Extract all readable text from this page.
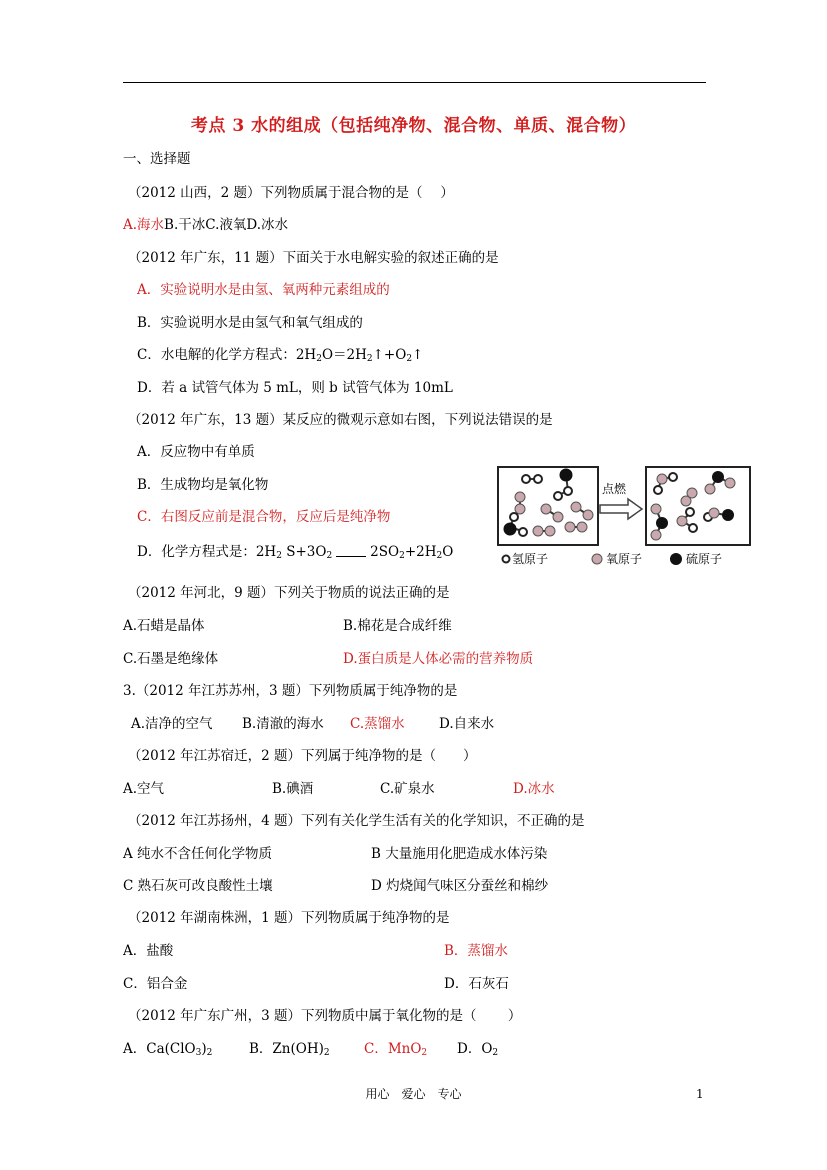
考点 3 水的组成（包括纯净物、混合物、单质、混合物）
一、选择题
（2012 山西，2 题）下列物质属于混合物的是（　 ）
A.海水B.干冰C.液氧D.冰水
（2012 年广东，11 题）下面关于水电解实验的叙述正确的是
A．实验说明水是由氢、氧两种元素组成的
B．实验说明水是由氢气和氧气组成的
C．水电解的化学方程式：$2H_2O=2H_2↑+O_2↑$
D．若 a 试管气体为 5 mL，则 b 试管气体为 10mL
（2012 年广东，13 题）某反应的微观示意如右图，下列说法错误的是
A．反应物中有单质
B．生成物均是氧化物
C．右图反应前是混合物，反应后是纯净物
D．化学方程式是：$2H_2$ $S+3O_2$	$2SO_2+2H_2O$
点燃
氢原子	氧原子	硫原子
（2012 年河北，9 题）下列关于物质的说法正确的是
A.石蜡是晶体	B.棉花是合成纤维
C.石墨是绝缘体	D.蛋白质是人体必需的营养物质
3.（2012 年江苏苏州，3 题）下列物质属于纯净物的是
A.洁净的空气 B.清澈的海水 C.蒸馏水	D.自来水
（2012 年江苏宿迁，2 题）下列属于纯净物的是（　　）
A.空气	B.碘酒	C.矿泉水	D.冰水
（2012 年江苏扬州，4 题）下列有关化学生活有关的化学知识，不正确的是
A 纯水不含任何化学物质	B 大量施用化肥造成水体污染
C 熟石灰可改良酸性土壤	D 灼烧闻气味区分蚕丝和棉纱
（2012 年湖南株洲，1 题）下列物质属于纯净物的是
A．盐酸	B．蒸馏水
C．铝合金	D．石灰石
（2012 年广东广州，3 题）下列物质中属于氧化物的是（　　 ）
A．$Ca(ClO_3)_2$	B．$Zn(OH)_2$	C．MnO$_2$ D．$O_2$
用心　爱心　专心	1
